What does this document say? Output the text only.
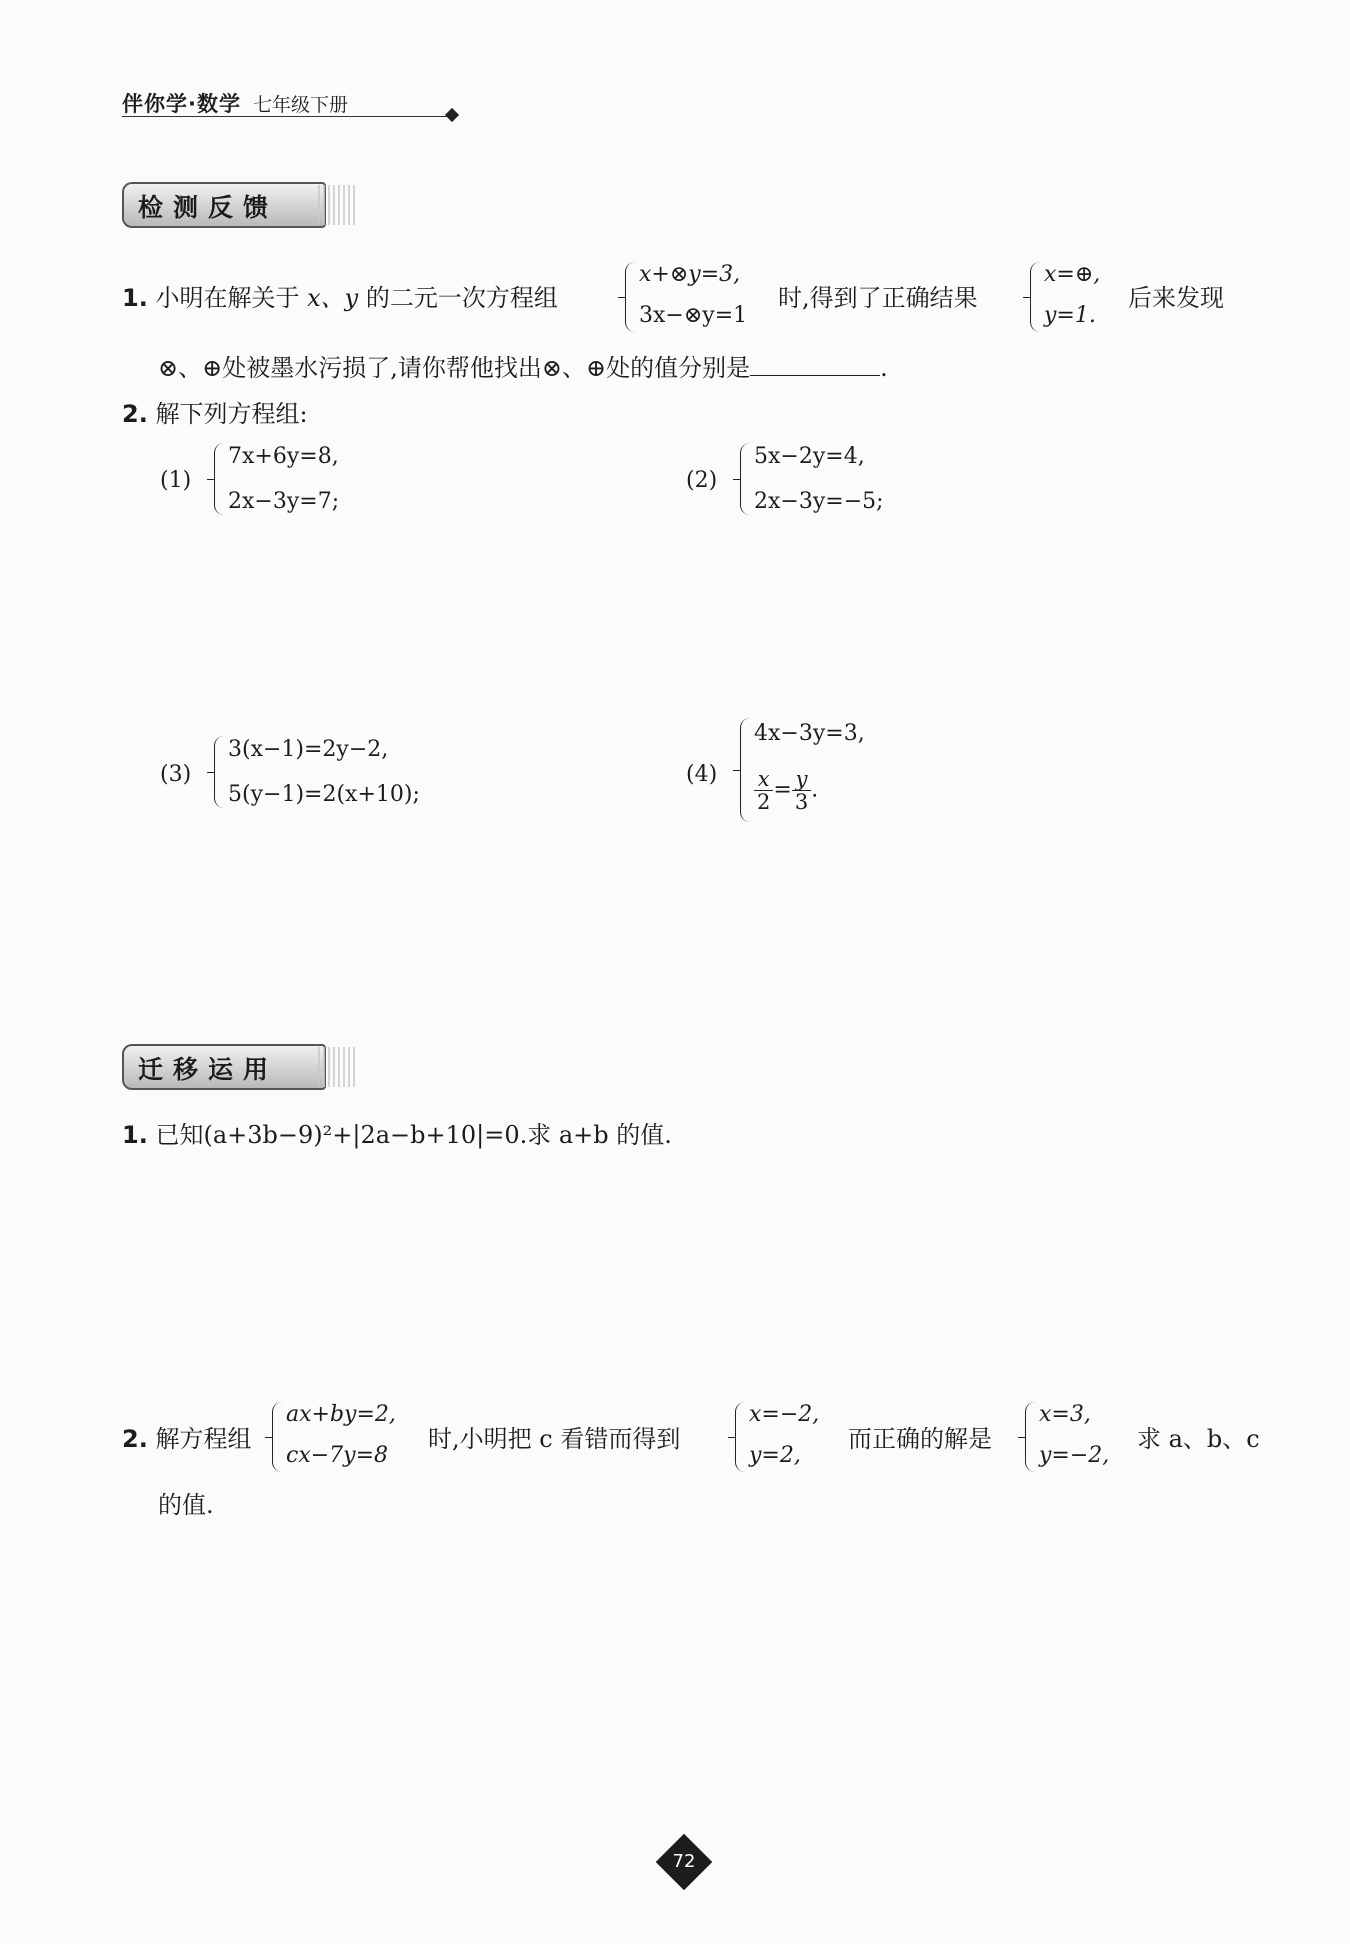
伴你学·数学 七年级下册
检测反馈
1. 小明在解关于 x、y 的二元一次方程组
x+⊗y=3,
3x−⊗y=1
时,得到了正确结果
x=⊕,
y=1.
后来发现
⊗、⊕处被墨水污损了,请你帮他找出⊗、⊕处的值分别是	.
2. 解下列方程组:
(1)
7x+6y=8,
2x−3y=7;
(2)
5x−2y=4,
2x−3y=−5;
(3)
3(x−1)=2y−2,
5(y−1)=2(x+10);
(4)
4x−3y=3,
$\frac{x}{2} = \frac{y}{3}$ .
迁移运用
1. 已知(a+3b−9)²+|2a−b+10|=0.求 a+b 的值.
2. 解方程组
ax+by=2,
cx−7y=8
时,小明把 c 看错而得到
x=−2,
y=2,
而正确的解是
x=3,
y=−2,
求 a、b、c
的值.
72
